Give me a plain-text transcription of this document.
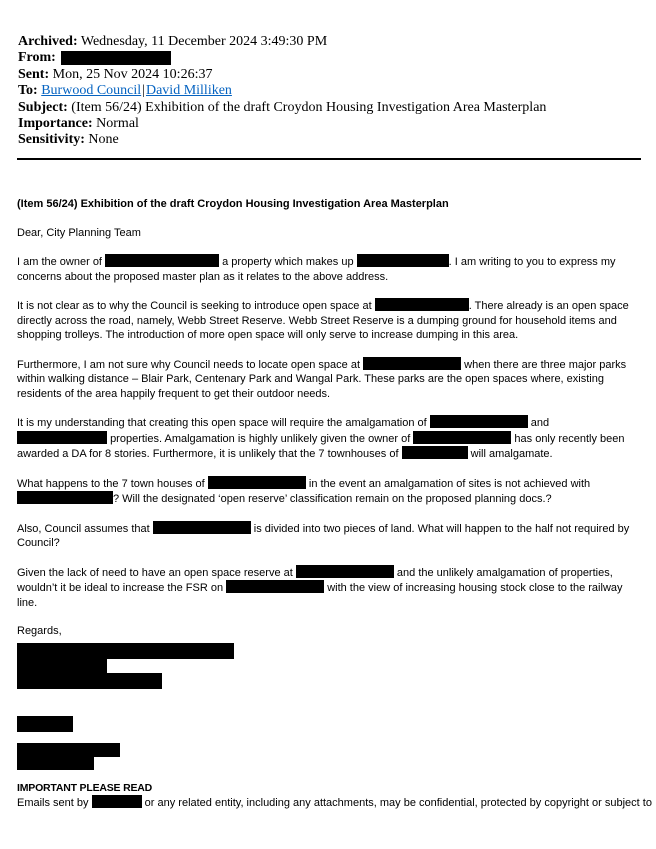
Archived: Wednesday, 11 December 2024 3:49:30 PM
From:
Sent: Mon, 25 Nov 2024 10:26:37
To: Burwood Council|David Milliken
Subject: (Item 56/24) Exhibition of the draft Croydon Housing Investigation Area Masterplan
Importance: Normal
Sensitivity: None

(Item 56/24) Exhibition of the draft Croydon Housing Investigation Area Masterplan

Dear, City Planning Team

I am the owner of	a property which makes up	. I am writing to you to express my concerns about the proposed master plan as it relates to the above address.

It is not clear as to why the Council is seeking to introduce open space at	. There already is an open space directly across the road, namely, Webb Street Reserve. Webb Street Reserve is a dumping ground for household items and shopping trolleys. The introduction of more open space will only serve to increase dumping in this area.

Furthermore, I am not sure why Council needs to locate open space at	when there are three major parks within walking distance – Blair Park, Centenary Park and Wangal Park. These parks are the open spaces where, existing residents of the area happily frequent to get their outdoor needs.

It is my understanding that creating this open space will require the amalgamation of	and  properties. Amalgamation is highly unlikely given the owner of	has only recently been awarded a DA for 8 stories. Furthermore, it is unlikely that the 7 townhouses of	will amalgamate.

What happens to the 7 town houses of	in the event an amalgamation of sites is not achieved with ? Will the designated ‘open reserve’ classification remain on the proposed planning docs.?

Also, Council assumes that	is divided into two pieces of land. What will happen to the half not required by Council?

Given the lack of need to have an open space reserve at	and the unlikely amalgamation of properties, wouldn’t it be ideal to increase the FSR on	with the view of increasing housing stock close to the railway line.

Regards,

IMPORTANT PLEASE READ
Emails sent by	or any related entity, including any attachments, may be confidential, protected by copyright or subject to
